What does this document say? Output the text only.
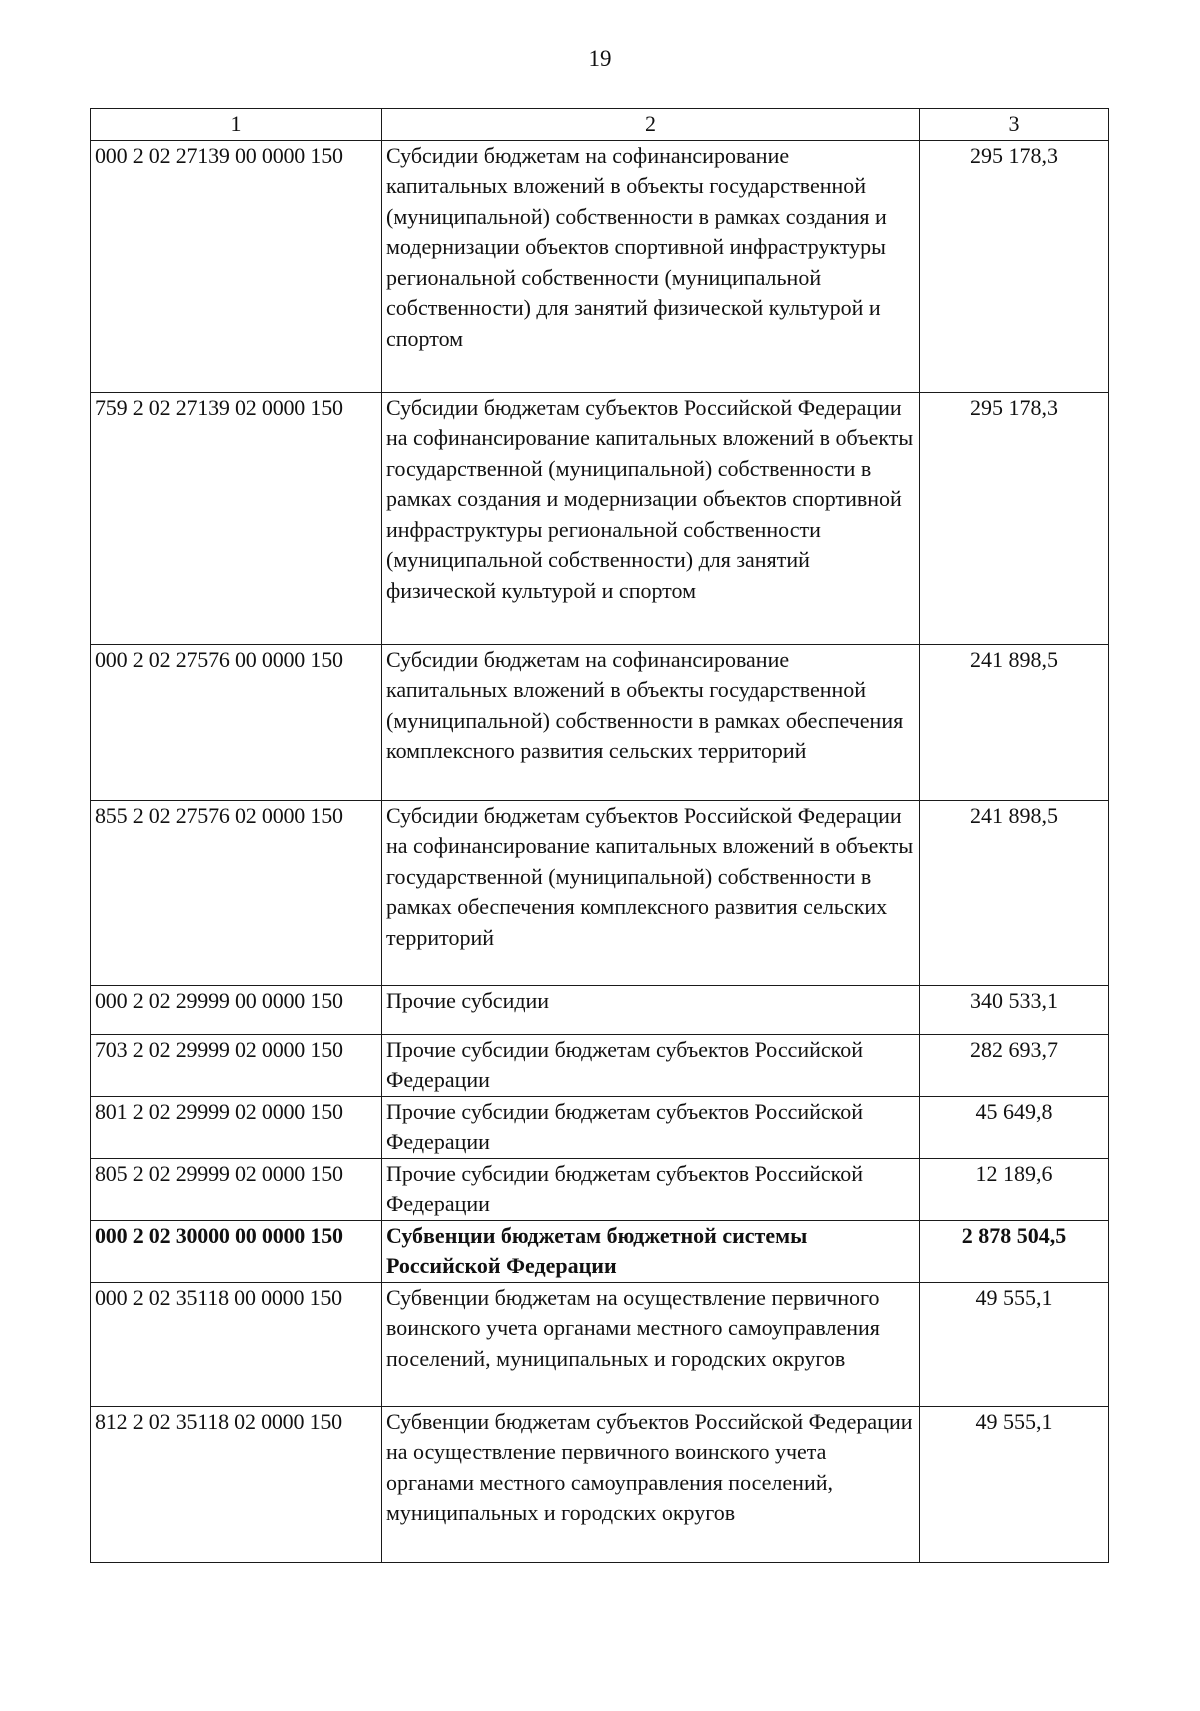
19
1	2	3
000 2 02 27139 00 0000 150	Субсидии бюджетам на софинансирование капитальных вложений в объекты государственной (муниципальной) собственности в рамках создания и модернизации объектов спортивной инфраструктуры региональной собственности (муниципальной собственности) для занятий физической культурой и спортом	295 178,3
759 2 02 27139 02 0000 150	Субсидии бюджетам субъектов Российской Федерации на софинансирование капитальных вложений в объекты государственной (муниципальной) собственности в рамках создания и модернизации объектов спортивной инфраструктуры региональной собственности (муниципальной собственности) для занятий физической культурой и спортом	295 178,3
000 2 02 27576 00 0000 150	Субсидии бюджетам на софинансирование капитальных вложений в объекты государственной (муниципальной) собственности в рамках обеспечения комплексного развития сельских территорий	241 898,5
855 2 02 27576 02 0000 150	Субсидии бюджетам субъектов Российской Федерации на софинансирование капитальных вложений в объекты государственной (муниципальной) собственности в рамках обеспечения комплексного развития сельских территорий	241 898,5
000 2 02 29999 00 0000 150	Прочие субсидии	340 533,1
703 2 02 29999 02 0000 150	Прочие субсидии бюджетам субъектов Российской Федерации	282 693,7
801 2 02 29999 02 0000 150	Прочие субсидии бюджетам субъектов Российской Федерации	45 649,8
805 2 02 29999 02 0000 150	Прочие субсидии бюджетам субъектов Российской Федерации	12 189,6
000 2 02 30000 00 0000 150	Субвенции бюджетам бюджетной системы Российской Федерации	2 878 504,5
000 2 02 35118 00 0000 150	Субвенции бюджетам на осуществление первичного воинского учета органами местного самоуправления поселений, муниципальных и городских округов	49 555,1
812 2 02 35118 02 0000 150	Субвенции бюджетам субъектов Российской Федерации на осуществление первичного воинского учета органами местного самоуправления поселений, муниципальных и городских округов	49 555,1
